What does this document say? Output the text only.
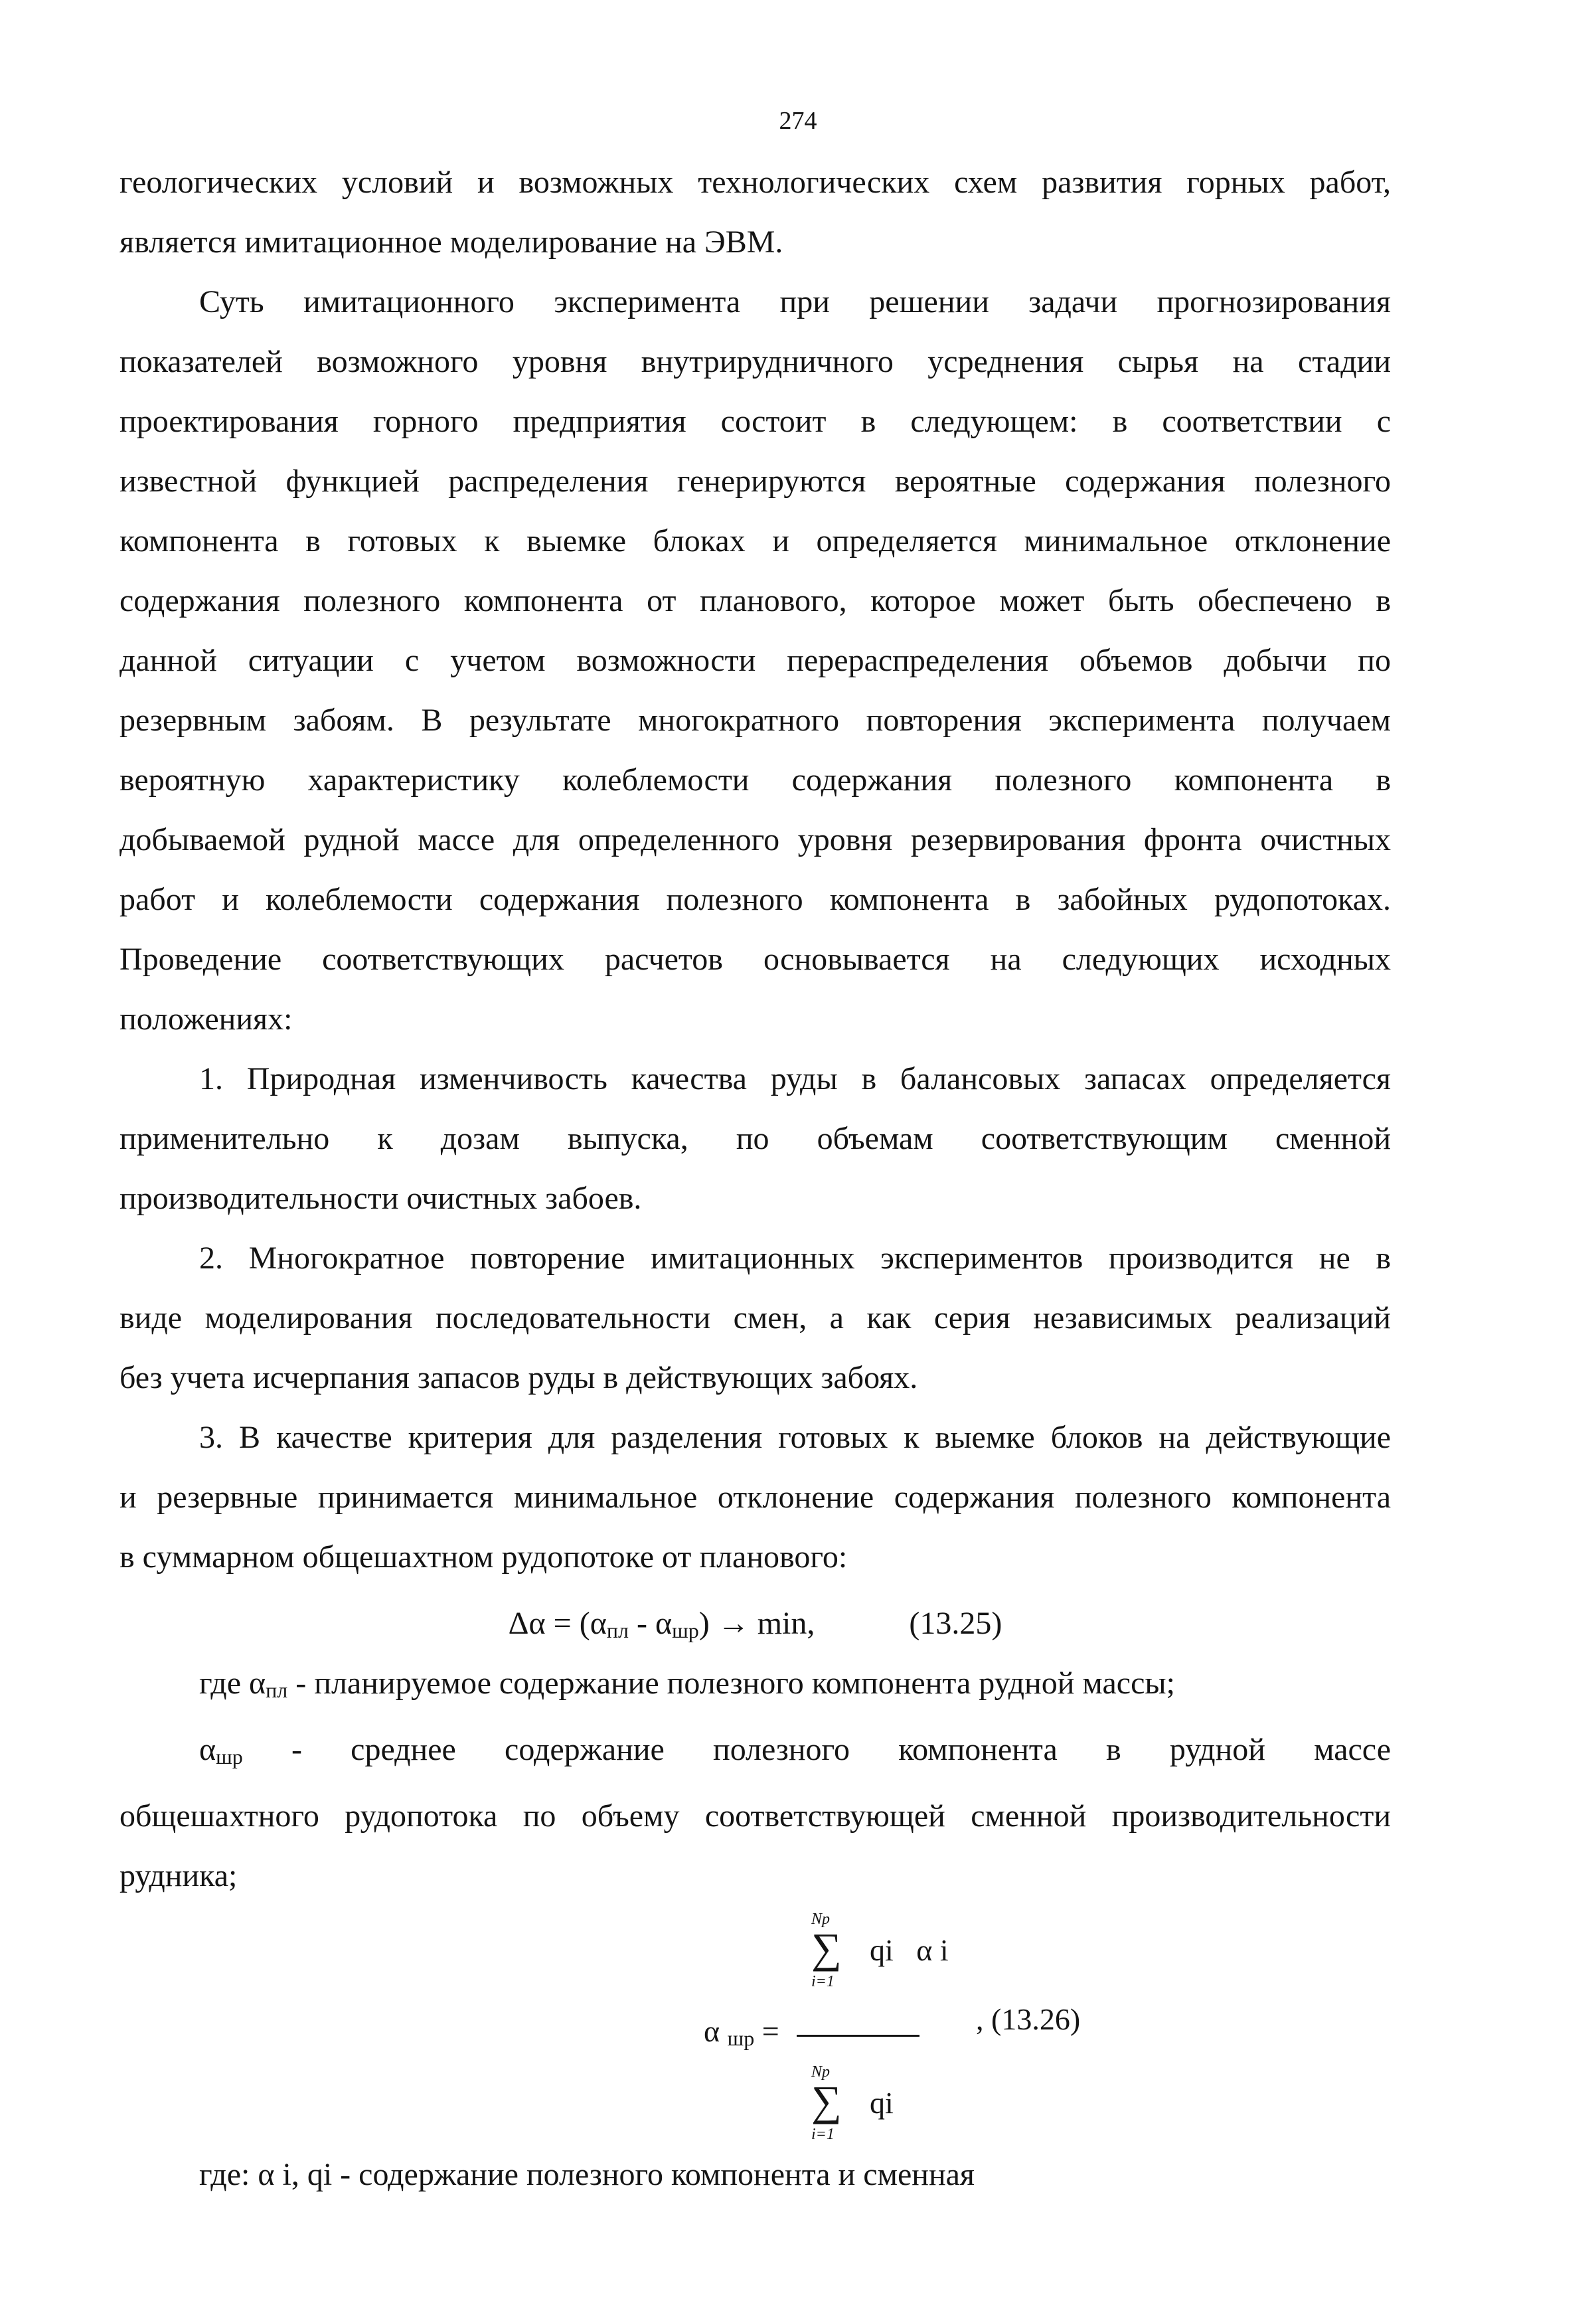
274

геологических условий и возможных технологических схем развития горных работ,
является имитационное моделирование на ЭВМ.

Суть имитационного эксперимента при решении задачи прогнозирования
показателей возможного уровня внутрирудничного усреднения сырья на стадии
проектирования горного предприятия состоит в следующем: в соответствии с
известной функцией распределения генерируются вероятные содержания полезного
компонента в готовых к выемке блоках и определяется минимальное отклонение
содержания полезного компонента от планового, которое может быть обеспечено в
данной ситуации с учетом возможности перераспределения объемов добычи по
резервным забоям. В результате многократного повторения эксперимента получаем
вероятную характеристику колеблемости содержания полезного компонента в
добываемой рудной массе для определенного уровня резервирования фронта очистных
работ и колеблемости содержания полезного компонента в забойных рудопотоках.
Проведение соответствующих расчетов основывается на следующих исходных
положениях:

1. Природная изменчивость качества руды в балансовых запасах определяется
применительно к дозам выпуска, по объемам соответствующим сменной
производительности очистных забоев.

2. Многократное повторение имитационных экспериментов производится не в
виде моделирования последовательности смен, а как серия независимых реализаций
без учета исчерпания запасов руды в действующих забоях.

3. В качестве критерия для разделения готовых к выемке блоков на действующие
и резервные принимается минимальное отклонение содержания полезного компонента
в суммарном общешахтном рудопотоке от планового:

Δα = (αпл - αшр) → min,	(13.25)

где αпл - планируемое содержание полезного компонента рудной массы;

αшр - среднее содержание полезного компонента в рудной массе
общешахтного рудопотока по объему соответствующей сменной производительности
рудника;

Np
∑
i=1
qi   α i
α шр =	, (13.26)
Np
∑
i=1
qi
где: α i, qi - содержание полезного компонента и сменная
